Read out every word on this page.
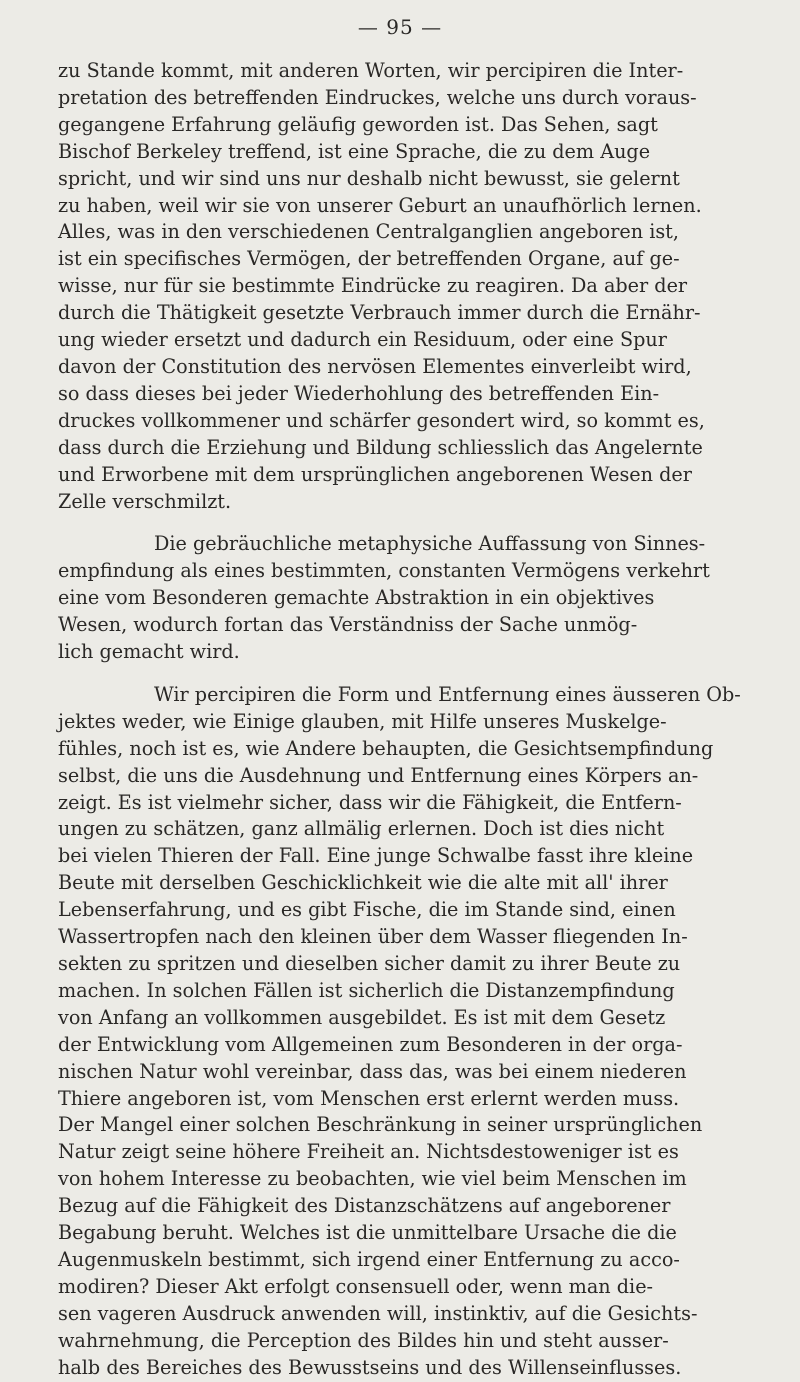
— 95 —

zu Stande kommt, mit anderen Worten, wir percipiren die Inter-
pretation des betreffenden Eindruckes, welche uns durch voraus-
gegangene Erfahrung geläufig geworden ist. Das Sehen, sagt
Bischof Berkeley treffend, ist eine Sprache, die zu dem Auge
spricht, und wir sind uns nur deshalb nicht bewusst, sie gelernt
zu haben, weil wir sie von unserer Geburt an unaufhörlich lernen.
Alles, was in den verschiedenen Centralganglien angeboren ist,
ist ein specifisches Vermögen, der betreffenden Organe, auf ge-
wisse, nur für sie bestimmte Eindrücke zu reagiren. Da aber der
durch die Thätigkeit gesetzte Verbrauch immer durch die Ernähr-
ung wieder ersetzt und dadurch ein Residuum, oder eine Spur
davon der Constitution des nervösen Elementes einverleibt wird,
so dass dieses bei jeder Wiederhohlung des betreffenden Ein-
druckes vollkommener und schärfer gesondert wird, so kommt es,
dass durch die Erziehung und Bildung schliesslich das Angelernte
und Erworbene mit dem ursprünglichen angeborenen Wesen der
Zelle verschmilzt.

Die gebräuchliche metaphysiche Auffassung von Sinnes-
empfindung als eines bestimmten, constanten Vermögens verkehrt
eine vom Besonderen gemachte Abstraktion in ein objektives
Wesen, wodurch fortan das Verständniss der Sache unmög-
lich gemacht wird.

Wir percipiren die Form und Entfernung eines äusseren Ob-
jektes weder, wie Einige glauben, mit Hilfe unseres Muskelge-
fühles, noch ist es, wie Andere behaupten, die Gesichtsempfindung
selbst, die uns die Ausdehnung und Entfernung eines Körpers an-
zeigt. Es ist vielmehr sicher, dass wir die Fähigkeit, die Entfern-
ungen zu schätzen, ganz allmälig erlernen. Doch ist dies nicht
bei vielen Thieren der Fall. Eine junge Schwalbe fasst ihre kleine
Beute mit derselben Geschicklichkeit wie die alte mit all' ihrer
Lebenserfahrung, und es gibt Fische, die im Stande sind, einen
Wassertropfen nach den kleinen über dem Wasser fliegenden In-
sekten zu spritzen und dieselben sicher damit zu ihrer Beute zu
machen. In solchen Fällen ist sicherlich die Distanzempfindung
von Anfang an vollkommen ausgebildet. Es ist mit dem Gesetz
der Entwicklung vom Allgemeinen zum Besonderen in der orga-
nischen Natur wohl vereinbar, dass das, was bei einem niederen
Thiere angeboren ist, vom Menschen erst erlernt werden muss.
Der Mangel einer solchen Beschränkung in seiner ursprünglichen
Natur zeigt seine höhere Freiheit an. Nichtsdestoweniger ist es
von hohem Interesse zu beobachten, wie viel beim Menschen im
Bezug auf die Fähigkeit des Distanzschätzens auf angeborener
Begabung beruht. Welches ist die unmittelbare Ursache die die
Augenmuskeln bestimmt, sich irgend einer Entfernung zu acco-
modiren? Dieser Akt erfolgt consensuell oder, wenn man die-
sen vageren Ausdruck anwenden will, instinktiv, auf die Gesichts-
wahrnehmung, die Perception des Bildes hin und steht ausser-
halb des Bereiches des Bewusstseins und des Willenseinflusses.
